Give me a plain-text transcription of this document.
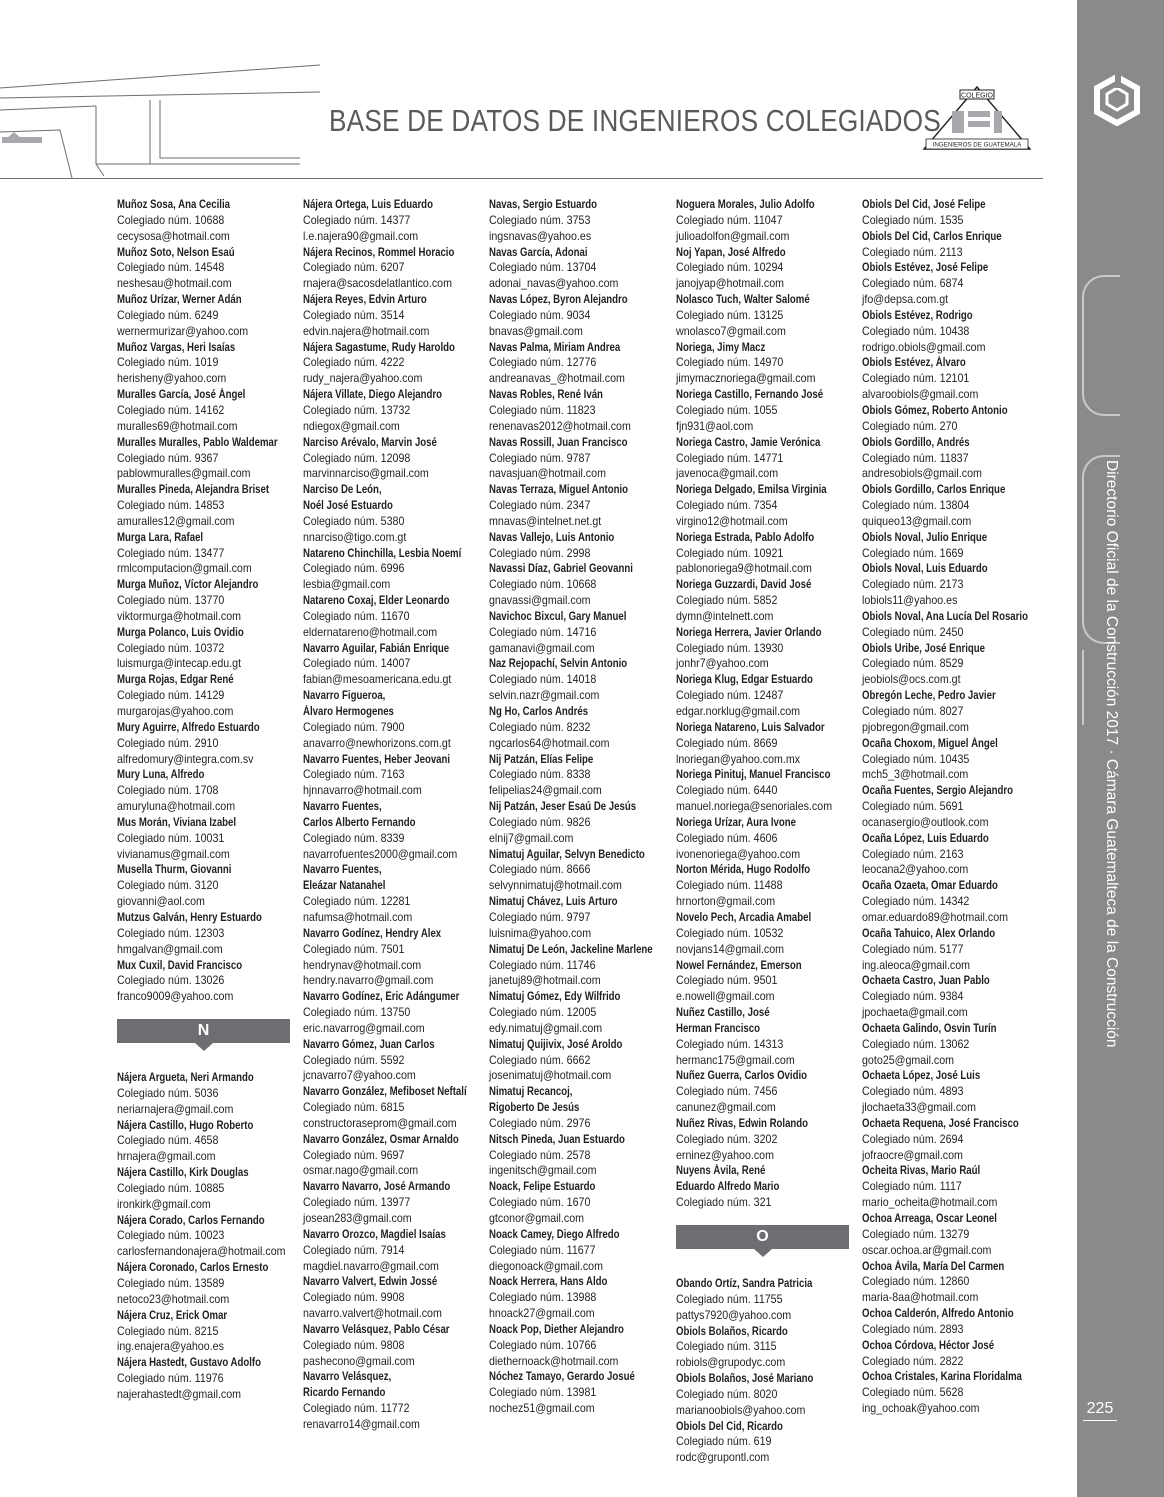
BASE DE DATOS DE INGENIEROS COLEGIADOS
COLEGIO
INGENIEROS DE GUATEMALA
Directorio Oficial de la Construcción 2017 · Cámara Guatemalteca de la Construcción
225
Muñoz Sosa, Ana Cecilia
Colegiado núm. 10688
cecysosa@hotmail.com
Muñoz Soto, Nelson Esaú
Colegiado núm. 14548
neshesau@hotmail.com
Muñoz Urízar, Werner Adán
Colegiado núm. 6249
wernermurizar@yahoo.com
Muñoz Vargas, Heri Isaías
Colegiado núm. 1019
herisheny@yahoo.com
Muralles García, José Ángel
Colegiado núm. 14162
muralles69@hotmail.com
Muralles Muralles, Pablo Waldemar
Colegiado núm. 9367
pablowmuralles@gmail.com
Muralles Pineda, Alejandra Briset
Colegiado núm. 14853
amuralles12@gmail.com
Murga Lara, Rafael
Colegiado núm. 13477
rmlcomputacion@gmail.com
Murga Muñoz, Víctor Alejandro
Colegiado núm. 13770
viktormurga@hotmail.com
Murga Polanco, Luis Ovidio
Colegiado núm. 10372
luismurga@intecap.edu.gt
Murga Rojas, Edgar René
Colegiado núm. 14129
murgarojas@yahoo.com
Mury Aguirre, Alfredo Estuardo
Colegiado núm. 2910
alfredomury@integra.com.sv
Mury Luna, Alfredo
Colegiado núm. 1708
amuryluna@hotmail.com
Mus Morán, Viviana Izabel
Colegiado núm. 10031
vivianamus@gmail.com
Musella Thurm, Giovanni
Colegiado núm. 3120
giovanni@aol.com
Mutzus Galván, Henry Estuardo
Colegiado núm. 12303
hmgalvan@gmail.com
Mux Cuxil, David Francisco
Colegiado núm. 13026
franco9009@yahoo.com
N
Nájera Argueta, Neri Armando
Colegiado núm. 5036
neriarnajera@gmail.com
Nájera Castillo, Hugo Roberto
Colegiado núm. 4658
hrnajera@gmail.com
Nájera Castillo, Kirk Douglas
Colegiado núm. 10885
ironkirk@gmail.com
Nájera Corado, Carlos Fernando
Colegiado núm. 10023
carlosfernandonajera@hotmail.com
Nájera Coronado, Carlos Ernesto
Colegiado núm. 13589
netoco23@hotmail.com
Nájera Cruz, Erick Omar
Colegiado núm. 8215
ing.enajera@yahoo.es
Nájera Hastedt, Gustavo Adolfo
Colegiado núm. 11976
najerahastedt@gmail.com
Nájera Ortega, Luis Eduardo
Colegiado núm. 14377
l.e.najera90@gmail.com
Nájera Recinos, Rommel Horacio
Colegiado núm. 6207
rnajera@sacosdelatlantico.com
Nájera Reyes, Edvin Arturo
Colegiado núm. 3514
edvin.najera@hotmail.com
Nájera Sagastume, Rudy Haroldo
Colegiado núm. 4222
rudy_najera@yahoo.com
Nájera Villate, Diego Alejandro
Colegiado núm. 13732
ndiegox@gmail.com
Narciso Arévalo, Marvin José
Colegiado núm. 12098
marvinnarciso@gmail.com
Narciso De León,
Noél José Estuardo
Colegiado núm. 5380
nnarciso@tigo.com.gt
Natareno Chinchilla, Lesbia Noemí
Colegiado núm. 6996
lesbia@gmail.com
Natareno Coxaj, Elder Leonardo
Colegiado núm. 11670
eldernatareno@hotmail.com
Navarro Aguilar, Fabián Enrique
Colegiado núm. 14007
fabian@mesoamericana.edu.gt
Navarro Figueroa,
Álvaro Hermogenes
Colegiado núm. 7900
anavarro@newhorizons.com.gt
Navarro Fuentes, Heber Jeovani
Colegiado núm. 7163
hjnnavarro@hotmail.com
Navarro Fuentes,
Carlos Alberto Fernando
Colegiado núm. 8339
navarrofuentes2000@gmail.com
Navarro Fuentes,
Eleázar Natanahel
Colegiado núm. 12281
nafumsa@hotmail.com
Navarro Godínez, Hendry Alex
Colegiado núm. 7501
hendrynav@hotmail.com
hendry.navarro@gmail.com
Navarro Godínez, Eric Adángumer
Colegiado núm. 13750
eric.navarrog@gmail.com
Navarro Gómez, Juan Carlos
Colegiado núm. 5592
jcnavarro7@yahoo.com
Navarro González, Mefiboset Neftalí
Colegiado núm. 6815
constructoraseprom@gmail.com
Navarro González, Osmar Arnaldo
Colegiado núm. 9697
osmar.nago@gmail.com
Navarro Navarro, José Armando
Colegiado núm. 13977
josean283@gmail.com
Navarro Orozco, Magdiel Isaías
Colegiado núm. 7914
magdiel.navarro@gmail.com
Navarro Valvert, Edwin Jossé
Colegiado núm. 9908
navarro.valvert@hotmail.com
Navarro Velásquez, Pablo César
Colegiado núm. 9808
pashecono@gmail.com
Navarro Velásquez,
Ricardo Fernando
Colegiado núm. 11772
renavarro14@gmail.com
Navas, Sergio Estuardo
Colegiado núm. 3753
ingsnavas@yahoo.es
Navas García, Adonai
Colegiado núm. 13704
adonai_navas@yahoo.com
Navas López, Byron Alejandro
Colegiado núm. 9034
bnavas@gmail.com
Navas Palma, Miriam Andrea
Colegiado núm. 12776
andreanavas_@hotmail.com
Navas Robles, René Iván
Colegiado núm. 11823
renenavas2012@hotmail.com
Navas Rossill, Juan Francisco
Colegiado núm. 9787
navasjuan@hotmail.com
Navas Terraza, Miguel Antonio
Colegiado núm. 2347
mnavas@intelnet.net.gt
Navas Vallejo, Luis Antonio
Colegiado núm. 2998
Navassi Díaz, Gabriel Geovanni
Colegiado núm. 10668
gnavassi@gmail.com
Navichoc Bixcul, Gary Manuel
Colegiado núm. 14716
gamanavi@gmail.com
Naz Rejopachí, Selvin Antonio
Colegiado núm. 14018
selvin.nazr@gmail.com
Ng Ho, Carlos Andrés
Colegiado núm. 8232
ngcarlos64@hotmail.com
Nij Patzán, Elías Felipe
Colegiado núm. 8338
felipelias24@gmail.com
Nij Patzán, Jeser Esaú De Jesús
Colegiado núm. 9826
elnij7@gmail.com
Nimatuj Aguilar, Selvyn Benedicto
Colegiado núm. 8666
selvynnimatuj@hotmail.com
Nimatuj Chávez, Luis Arturo
Colegiado núm. 9797
luisnima@yahoo.com
Nimatuj De León, Jackeline Marlene
Colegiado núm. 11746
janetuj89@hotmail.com
Nimatuj Gómez, Edy Wilfrido
Colegiado núm. 12005
edy.nimatuj@gmail.com
Nimatuj Quijivix, José Aroldo
Colegiado núm. 6662
josenimatuj@hotmail.com
Nimatuj Recancoj,
Rigoberto De Jesús
Colegiado núm. 2976
Nitsch Pineda, Juan Estuardo
Colegiado núm. 2578
ingenitsch@gmail.com
Noack, Felipe Estuardo
Colegiado núm. 1670
gtconor@gmail.com
Noack Camey, Diego Alfredo
Colegiado núm. 11677
diegonoack@gmail.com
Noack Herrera, Hans Aldo
Colegiado núm. 13988
hnoack27@gmail.com
Noack Pop, Diether Alejandro
Colegiado núm. 10766
diethernoack@hotmail.com
Nóchez Tamayo, Gerardo Josué
Colegiado núm. 13981
nochez51@gmail.com
Noguera Morales, Julio Adolfo
Colegiado núm. 11047
julioadolfon@gmail.com
Noj Yapan, José Alfredo
Colegiado núm. 10294
janojyap@hotmail.com
Nolasco Tuch, Walter Salomé
Colegiado núm. 13125
wnolasco7@gmail.com
Noriega, Jimy Macz
Colegiado núm. 14970
jimymacznoriega@gmail.com
Noriega Castillo, Fernando José
Colegiado núm. 1055
fjn931@aol.com
Noriega Castro, Jamie Verónica
Colegiado núm. 14771
javenoca@gmail.com
Noriega Delgado, Emilsa Virginia
Colegiado núm. 7354
virgino12@hotmail.com
Noriega Estrada, Pablo Adolfo
Colegiado núm. 10921
pablonoriega9@hotmail.com
Noriega Guzzardi, David José
Colegiado núm. 5852
dymn@intelnett.com
Noriega Herrera, Javier Orlando
Colegiado núm. 13930
jonhr7@yahoo.com
Noriega Klug, Edgar Estuardo
Colegiado núm. 12487
edgar.norklug@gmail.com
Noriega Natareno, Luis Salvador
Colegiado núm. 8669
lnoriegan@yahoo.com.mx
Noriega Pinituj, Manuel Francisco
Colegiado núm. 6440
manuel.noriega@senoriales.com
Noriega Urízar, Aura Ivone
Colegiado núm. 4606
ivonenoriega@yahoo.com
Norton Mérida, Hugo Rodolfo
Colegiado núm. 11488
hrnorton@gmail.com
Novelo Pech, Arcadia Amabel
Colegiado núm. 10532
novjans14@gmail.com
Nowel Fernández, Emerson
Colegiado núm. 9501
e.nowell@gmail.com
Nuñez Castillo, José
Herman Francisco
Colegiado núm. 14313
hermanc175@gmail.com
Nuñez Guerra, Carlos Ovidio
Colegiado núm. 7456
canunez@gmail.com
Nuñez Rivas, Edwin Rolando
Colegiado núm. 3202
erninez@yahoo.com
Nuyens Ávila, René
Eduardo Alfredo Mario
Colegiado núm. 321
O
Obando Ortíz, Sandra Patricia
Colegiado núm. 11755
pattys7920@yahoo.com
Obiols Bolaños, Ricardo
Colegiado núm. 3115
robiols@grupodyc.com
Obiols Bolaños, José Mariano
Colegiado núm. 8020
marianoobiols@yahoo.com
Obiols Del Cid, Ricardo
Colegiado núm. 619
rodc@grupontl.com
Obiols Del Cid, José Felipe
Colegiado núm. 1535
Obiols Del Cid, Carlos Enrique
Colegiado núm. 2113
Obiols Estévez, José Felipe
Colegiado núm. 6874
jfo@depsa.com.gt
Obiols Estévez, Rodrigo
Colegiado núm. 10438
rodrigo.obiols@gmail.com
Obiols Estévez, Álvaro
Colegiado núm. 12101
alvaroobiols@gmail.com
Obiols Gómez, Roberto Antonio
Colegiado núm. 270
Obiols Gordillo, Andrés
Colegiado núm. 11837
andresobiols@gmail.com
Obiols Gordillo, Carlos Enrique
Colegiado núm. 13804
quiqueo13@gmail.com
Obiols Noval, Julio Enrique
Colegiado núm. 1669
Obiols Noval, Luis Eduardo
Colegiado núm. 2173
lobiols11@yahoo.es
Obiols Noval, Ana Lucía Del Rosario
Colegiado núm. 2450
Obiols Uribe, José Enrique
Colegiado núm. 8529
jeobiols@ocs.com.gt
Obregón Leche, Pedro Javier
Colegiado núm. 8027
pjobregon@gmail.com
Ocaña Choxom, Miguel Ángel
Colegiado núm. 10435
mch5_3@hotmail.com
Ocaña Fuentes, Sergio Alejandro
Colegiado núm. 5691
ocanasergio@outlook.com
Ocaña López, Luis Eduardo
Colegiado núm. 2163
leocana2@yahoo.com
Ocaña Ozaeta, Omar Eduardo
Colegiado núm. 14342
omar.eduardo89@hotmail.com
Ocaña Tahuico, Alex Orlando
Colegiado núm. 5177
ing.aleoca@gmail.com
Ochaeta Castro, Juan Pablo
Colegiado núm. 9384
jpochaeta@gmail.com
Ochaeta Galindo, Osvin Turín
Colegiado núm. 13062
goto25@gmail.com
Ochaeta López, José Luis
Colegiado núm. 4893
jlochaeta33@gmail.com
Ochaeta Requena, José Francisco
Colegiado núm. 2694
jofraocre@gmail.com
Ocheita Rivas, Mario Raúl
Colegiado núm. 1117
mario_ocheita@hotmail.com
Ochoa Arreaga, Oscar Leonel
Colegiado núm. 13279
oscar.ochoa.ar@gmail.com
Ochoa Ávila, María Del Carmen
Colegiado núm. 12860
maria-8aa@hotmail.com
Ochoa Calderón, Alfredo Antonio
Colegiado núm. 2893
Ochoa Córdova, Héctor José
Colegiado núm. 2822
Ochoa Cristales, Karina Floridalma
Colegiado núm. 5628
ing_ochoak@yahoo.com
